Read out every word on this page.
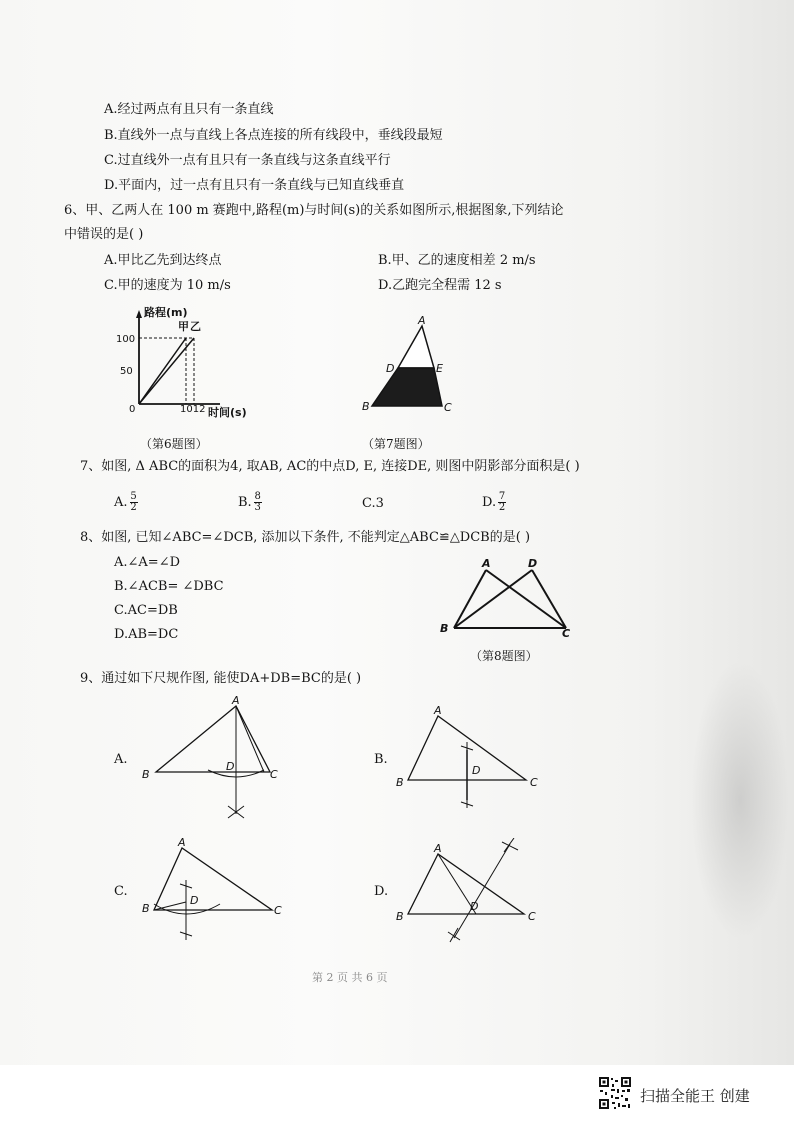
A.经过两点有且只有一条直线
B.直线外一点与直线上各点连接的所有线段中，垂线段最短
C.过直线外一点有且只有一条直线与这条直线平行
D.平面内，过一点有且只有一条直线与已知直线垂直
6、甲、乙两人在 100 m 赛跑中,路程(m)与时间(s)的关系如图所示,根据图象,下列结论
中错误的是( )
A.甲比乙先到达终点	B.甲、乙的速度相差 2 m/s
C.甲的速度为 10 m/s	D.乙跑完全程需 12 s
路程(m)
时间(s)
100
50
0	1012
甲 乙
（第6题图）
A
D	E
B	C
（第7题图）
7、如图, Δ ABC的面积为4, 取AB, AC的中点D, E, 连接DE, 则图中阴影部分面积是( )
A. $\frac{5}{2}$	B. $\frac{8}{3}$	C.3	D. $\frac{7}{2}$
8、如图, 已知∠ABC=∠DCB, 添加以下条件, 不能判定△ABC≌△DCB的是( )
A.∠A=∠D
B.∠ACB= ∠DBC
C.AC=DB
D.AB=DC
A	D
B	C
（第8题图）
9、通过如下尺规作图, 能使DA+DB=BC的是( )
A.
A
B	C
D	B.
A
B	C
D
C.
A
B	C
D
D.
A
B	C
D
第 2 页 共 6 页
扫描全能王 创建
